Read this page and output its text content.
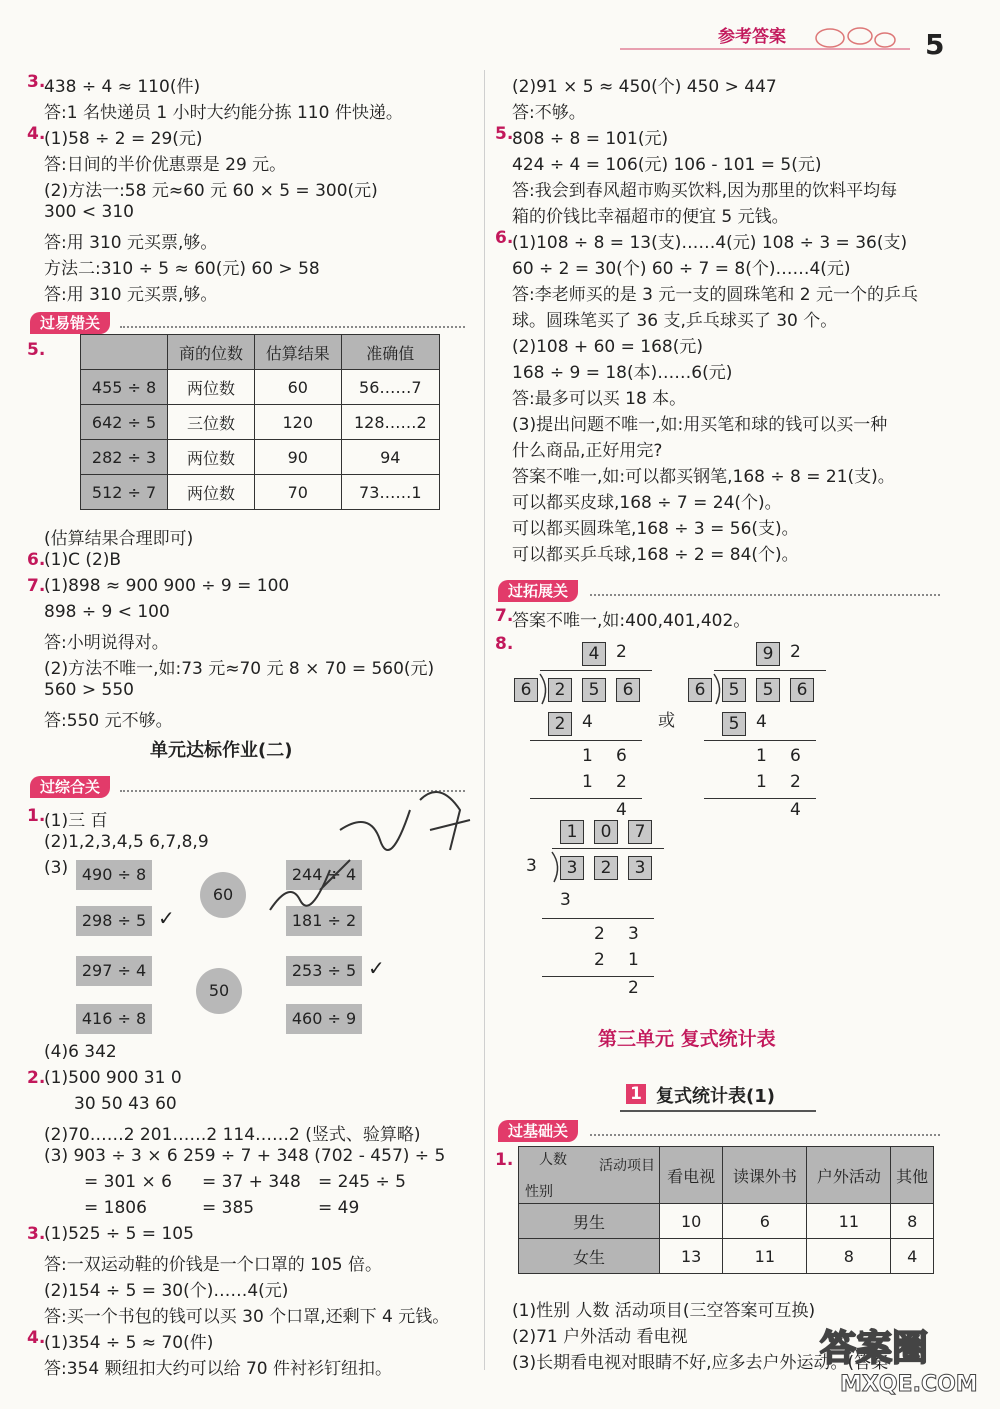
参考答案	5
3.
438 ÷ 4 ≈ 110(件)
答:1 名快递员 1 小时大约能分拣 110 件快递。
4.
(1)58 ÷ 2 = 29(元)
答:日间的半价优惠票是 29 元。
(2)方法一:58 元≈60 元 60 × 5 = 300(元)
300 < 310
答:用 310 元买票,够。
方法二:310 ÷ 5 ≈ 60(元) 60 > 58
答:用 310 元买票,够。
5.
(估算结果合理即可)
6.
(1)C (2)B
7.
(1)898 ≈ 900 900 ÷ 9 = 100
898 ÷ 9 < 100
答:小明说得对。
(2)方法不唯一,如:73 元≈70 元 8 × 70 = 560(元)
560 > 550
答:550 元不够。
1.
(1)三 百
(2)1,2,3,4,5 6,7,8,9
(3)
(4)6 342
2.
(1)500 900 31 0
30 50 43 60
(2)70……2 201……2 114……2 (竖式、验算略)
(3) 903 ÷ 3 × 6 259 ÷ 7 + 348 (702 - 457) ÷ 5
= 301 × 6 = 37 + 348 = 245 ÷ 5
= 1806	= 385	= 49
3.
(1)525 ÷ 5 = 105
答:一双运动鞋的价钱是一个口罩的 105 倍。
(2)154 ÷ 5 = 30(个)……4(元)
答:买一个书包的钱可以买 30 个口罩,还剩下 4 元钱。
4.
(1)354 ÷ 5 ≈ 70(件)
答:354 颗纽扣大约可以给 70 件衬衫钉纽扣。
(2)91 × 5 ≈ 450(个) 450 > 447
答:不够。
5.
808 ÷ 8 = 101(元)
424 ÷ 4 = 106(元) 106 - 101 = 5(元)
答:我会到春风超市购买饮料,因为那里的饮料平均每
箱的价钱比幸福超市的便宜 5 元钱。
6.
(1)108 ÷ 8 = 13(支)……4(元) 108 ÷ 3 = 36(支)
60 ÷ 2 = 30(个) 60 ÷ 7 = 8(个)……4(元)
答:李老师买的是 3 元一支的圆珠笔和 2 元一个的乒乓
球。圆珠笔买了 36 支,乒乓球买了 30 个。
(2)108 + 60 = 168(元)
168 ÷ 9 = 18(本)……6(元)
答:最多可以买 18 本。
(3)提出问题不唯一,如:用买笔和球的钱可以买一种
什么商品,正好用完?
答案不唯一,如:可以都买钢笔,168 ÷ 8 = 21(支)。
可以都买皮球,168 ÷ 7 = 24(个)。
可以都买圆珠笔,168 ÷ 3 = 56(支)。
可以都买乒乓球,168 ÷ 2 = 84(个)。
7.
答案不唯一,如:400,401,402。
8.
或
1.
(1)性别 人数 活动项目(三空答案可互换)
(2)71 户外活动 看电视
(3)长期看电视对眼睛不好,应多去户外运动。(答案
过易错关
	商的位数	估算结果	准确值
455 ÷ 8	两位数	60	56……7
642 ÷ 5	三位数	120	128……2
282 ÷ 3	两位数	90	94
512 ÷ 7	两位数	70	73……1
单元达标作业(二)
过综合关
490 ÷ 8
298 ÷ 5 ✓
297 ÷ 4
416 ÷ 8
244 ÷ 4
181 ÷ 2
253 ÷ 5 ✓
460 ÷ 9
60
50
过拓展关
4 2
6	2	5	6
2 4
1 6
1 2
4
9 2
6	5	5	6
5 4
1 6
1 2
4
1	0	7
3	3	2	3
3
2 3
2 1
2
第三单元 复式统计表
1 复式统计表(1)
过基础关
人数 活动项目
性别	看电视	读课外书	户外活动	其他
男生	10	6	11	8
女生	13	11	8	4
答案圈
MXQE.COM
